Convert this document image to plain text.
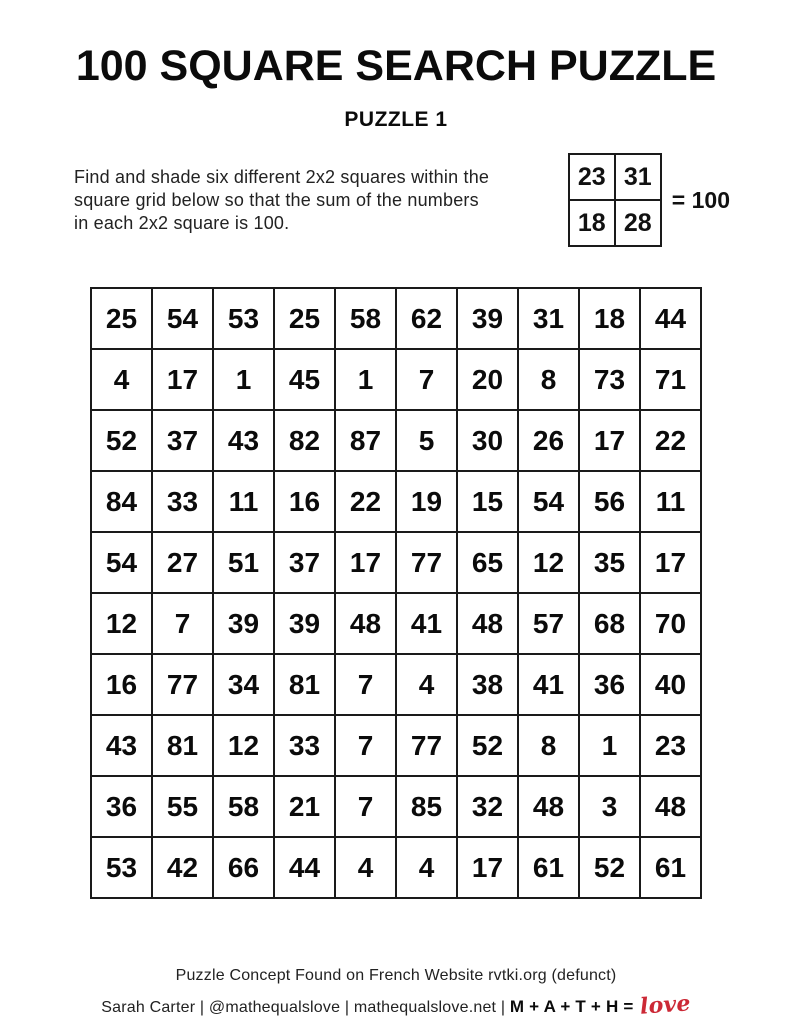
100 SQUARE SEARCH PUZZLE
PUZZLE 1
Find and shade six different 2x2 squares within the
square grid below so that the sum of the numbers
in each 2x2 square is 100.
23	31
18	28
= 100
25	54	53	25	58	62	39	31	18	44
4	17	1	45	1	7	20	8	73	71
52	37	43	82	87	5	30	26	17	22
84	33	11	16	22	19	15	54	56	11
54	27	51	37	17	77	65	12	35	17
12	7	39	39	48	41	48	57	68	70
16	77	34	81	7	4	38	41	36	40
43	81	12	33	7	77	52	8	1	23
36	55	58	21	7	85	32	48	3	48
53	42	66	44	4	4	17	61	52	61
Puzzle Concept Found on French Website rvtki.org (defunct)
Sarah Carter | @mathequalslove | mathequalslove.net | M + A + T + H = love
